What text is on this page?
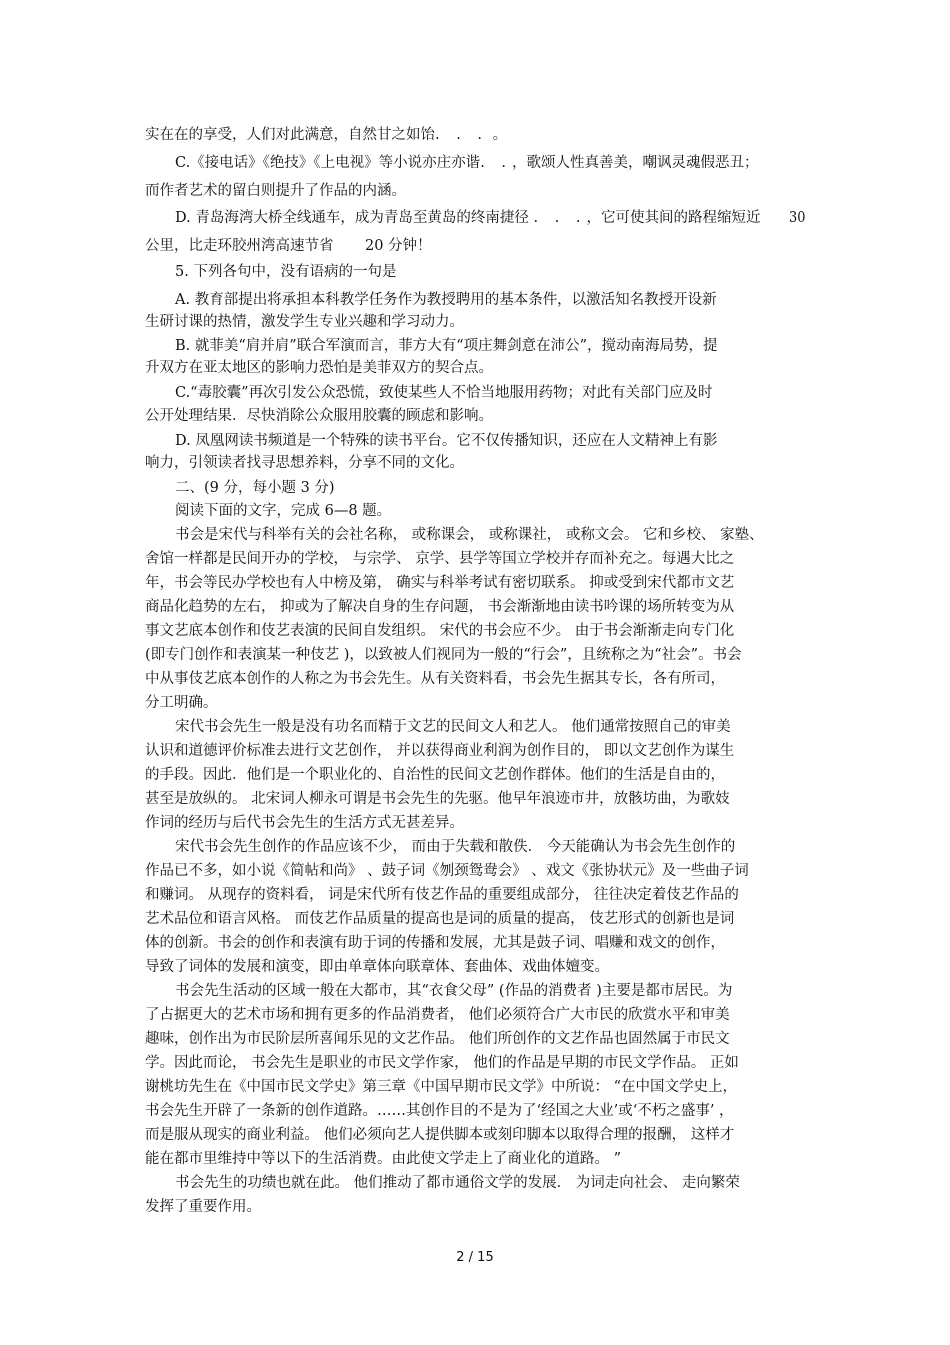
实在在的享受，人们对此满意，自然甘之如饴. . . 。
C.《接电话》《绝技》《上电视》等小说亦庄亦谐. .，歌颂人性真善美，嘲讽灵魂假恶丑；
而作者艺术的留白则提升了作品的内涵。
D. 青岛海湾大桥全线通车，成为青岛至黄岛的终南捷径 . . .，它可使其间的路程缩短近 30
公里，比走环胶州湾高速节省 20 分钟！
5. 下列各句中，没有语病的一句是
A. 教育部提出将承担本科教学任务作为教授聘用的基本条件，以激活知名教授开设新
生研讨课的热情，激发学生专业兴趣和学习动力。
B. 就菲美“肩并肩”联合军演而言，菲方大有“项庄舞剑意在沛公”，搅动南海局势，提
升双方在亚太地区的影响力恐怕是美菲双方的契合点。
C.“毒胶囊”再次引发公众恐慌，致使某些人不恰当地服用药物；对此有关部门应及时
公开处理结果．尽快消除公众服用胶囊的顾虑和影响。
D. 凤凰网读书频道是一个特殊的读书平台。它不仅传播知识，还应在人文精神上有影
响力，引领读者找寻思想养料，分享不同的文化。
二、(9 分，每小题 3 分)
阅读下面的文字，完成 6—8 题。
书会是宋代与科举有关的会社名称， 或称课会， 或称课社， 或称文会。 它和乡校、 家塾、
舍馆一样都是民间开办的学校， 与宗学、 京学、县学等国立学校并存而补充之。每遇大比之
年，书会等民办学校也有人中榜及第， 确实与科举考试有密切联系。 抑或受到宋代都市文艺
商品化趋势的左右， 抑或为了解决自身的生存问题， 书会渐渐地由读书吟课的场所转变为从
事文艺底本创作和伎艺表演的民间自发组织。 宋代的书会应不少。 由于书会渐渐走向专门化
(即专门创作和表演某一种伎艺 )，以致被人们视同为一般的“行会”，且统称之为“社会”。书会
中从事伎艺底本创作的人称之为书会先生。从有关资料看，书会先生据其专长，各有所司，
分工明确。
宋代书会先生一般是没有功名而精于文艺的民间文人和艺人。 他们通常按照自己的审美
认识和道德评价标准去进行文艺创作， 并以获得商业利润为创作目的， 即以文艺创作为谋生
的手段。因此．他们是一个职业化的、自治性的民间文艺创作群体。他们的生活是自由的，
甚至是放纵的。 北宋词人柳永可谓是书会先生的先驱。他早年浪迹市井，放骸坊曲，为歌妓
作词的经历与后代书会先生的生活方式无甚差异。
宋代书会先生创作的作品应该不少， 而由于失载和散佚． 今天能确认为书会先生创作的
作品已不多，如小说《简帖和尚》 、鼓子词《刎颈鸳鸯会》 、戏文《张协状元》及一些曲子词
和赚词。 从现存的资料看， 词是宋代所有伎艺作品的重要组成部分， 往往决定着伎艺作品的
艺术品位和语言风格。 而伎艺作品质量的提高也是词的质量的提高， 伎艺形式的创新也是词
体的创新。书会的创作和表演有助于词的传播和发展，尤其是鼓子词、唱赚和戏文的创作，
导致了词体的发展和演变，即由单章体向联章体、套曲体、戏曲体嬗变。
书会先生活动的区域一般在大都市，其“衣食父母” (作品的消费者 )主要是都市居民。为
了占据更大的艺术市场和拥有更多的作品消费者， 他们必须符合广大市民的欣赏水平和审美
趣味，创作出为市民阶层所喜闻乐见的文艺作品。 他们所创作的文艺作品也固然属于市民文
学。因此而论， 书会先生是职业的市民文学作家， 他们的作品是早期的市民文学作品。 正如
谢桃坊先生在《中国市民文学史》第三章《中国早期市民文学》中所说： “在中国文学史上，
书会先生开辟了一条新的创作道路。……其创作目的不是为了‘经国之大业’或‘不朽之盛事’ ，
而是服从现实的商业利益。 他们必须向艺人提供脚本或刻印脚本以取得合理的报酬， 这样才
能在都市里维持中等以下的生活消费。由此使文学走上了商业化的道路。 ”
书会先生的功绩也就在此。 他们推动了都市通俗文学的发展． 为词走向社会、 走向繁荣
发挥了重要作用。
2 / 15
